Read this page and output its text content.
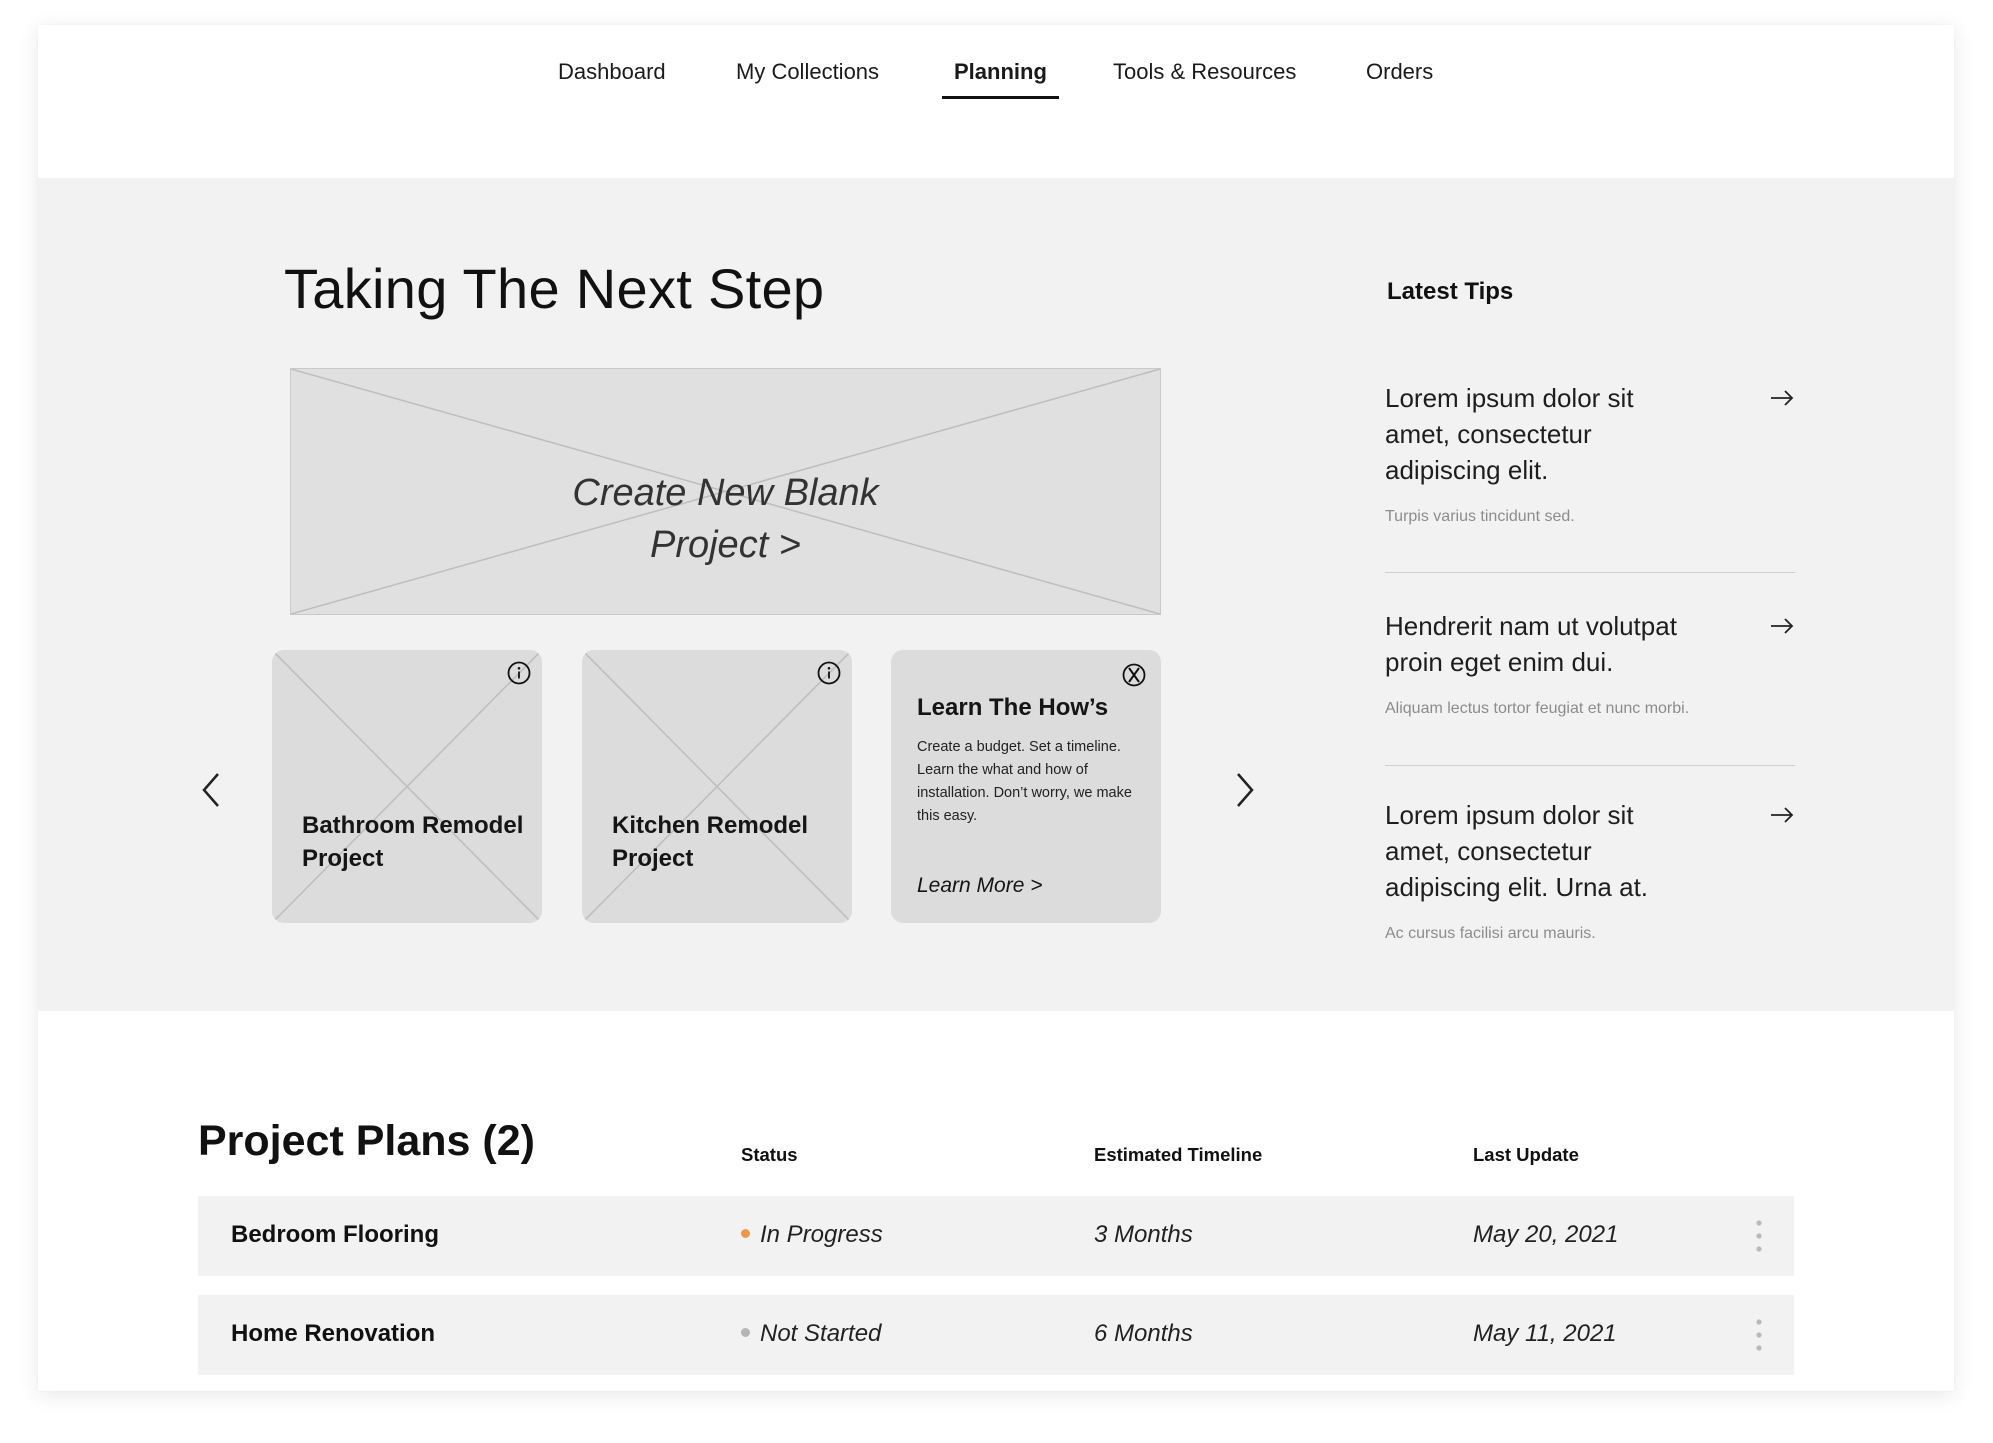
Dashboard	My Collections	Planning	Tools & Resources	Orders
Taking The Next Step
Create New Blank
Project >
Bathroom Remodel Project
Kitchen Remodel Project
Learn The How’s
Create a budget. Set a timeline. Learn the what and how of installation. Don’t worry, we make this easy.
Learn More >
Latest Tips
Lorem ipsum dolor sit amet, consectetur adipiscing elit.
Turpis varius tincidunt sed.
Hendrerit nam ut volutpat proin eget enim dui.
Aliquam lectus tortor feugiat et nunc morbi.
Lorem ipsum dolor sit amet, consectetur adipiscing elit. Urna at.
Ac cursus facilisi arcu mauris.
Project Plans (2)	Status	Estimated Timeline	Last Update
Bedroom Flooring	In Progress	3 Months	May 20, 2021
Home Renovation	Not Started	6 Months	May 11, 2021
